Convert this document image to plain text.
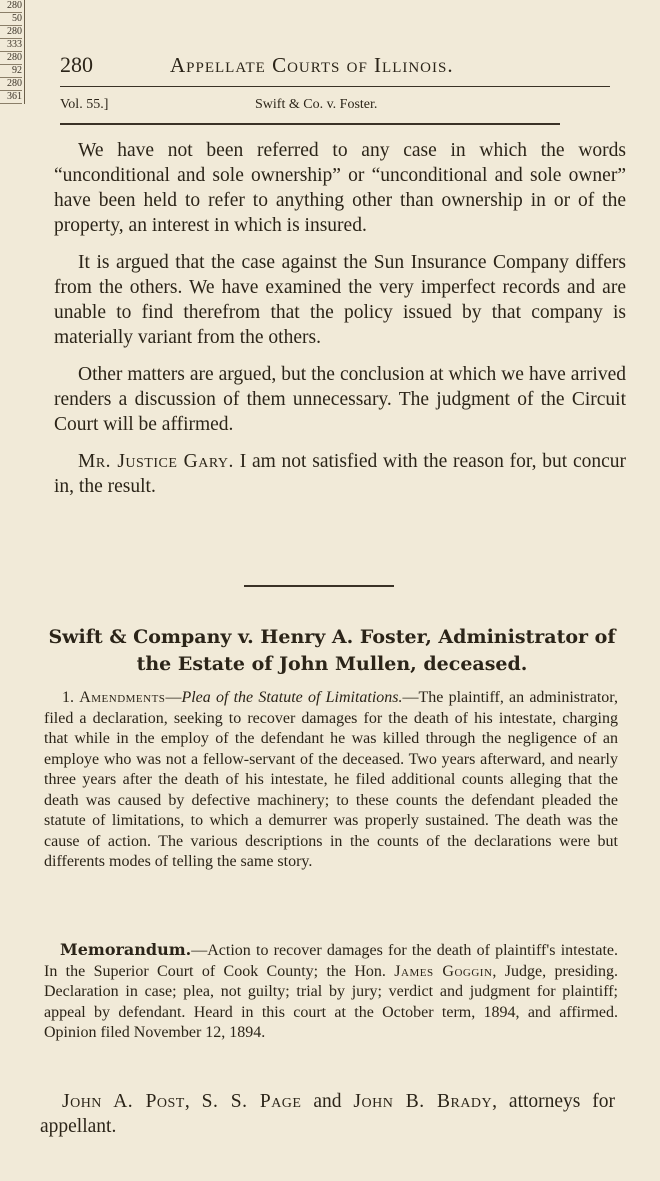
280
50
280
333
280
92
280
361
280	Appellate Courts of Illinois.
Vol. 55.]	Swift & Co. v. Foster.

We have not been referred to any case in which the words “unconditional and sole ownership” or “unconditional and sole owner” have been held to refer to anything other than ownership in or of the property, an interest in which is insured.

It is argued that the case against the Sun Insurance Company differs from the others. We have examined the very imperfect records and are unable to find therefrom that the policy issued by that company is materially variant from the others.

Other matters are argued, but the conclusion at which we have arrived renders a discussion of them unnecessary. The judgment of the Circuit Court will be affirmed.

Mr. Justice Gary. I am not satisfied with the reason for, but concur in, the result.

Swift & Company v. Henry A. Foster, Administrator of the Estate of John Mullen, deceased.

1. Amendments—Plea of the Statute of Limitations.—The plaintiff, an administrator, filed a declaration, seeking to recover damages for the death of his intestate, charging that while in the employ of the defendant he was killed through the negligence of an employe who was not a fellow-servant of the deceased. Two years afterward, and nearly three years after the death of his intestate, he filed additional counts alleging that the death was caused by defective machinery; to these counts the defendant pleaded the statute of limitations, to which a demurrer was properly sustained. The death was the cause of action. The various descriptions in the counts of the declarations were but differents modes of telling the same story.

Memorandum.—Action to recover damages for the death of plaintiff's intestate. In the Superior Court of Cook County; the Hon. James Goggin, Judge, presiding. Declaration in case; plea, not guilty; trial by jury; verdict and judgment for plaintiff; appeal by defendant. Heard in this court at the October term, 1894, and affirmed. Opinion filed November 12, 1894.

John A. Post, S. S. Page and John B. Brady, attorneys for appellant.
